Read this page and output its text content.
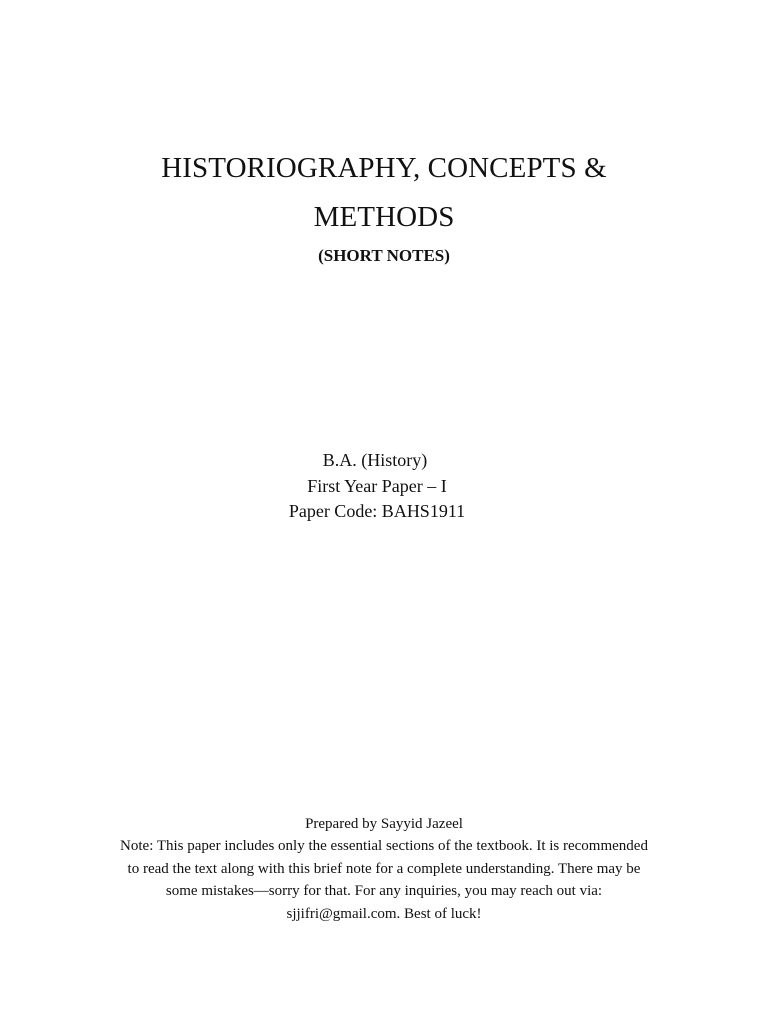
HISTORIOGRAPHY, CONCEPTS &
METHODS
(SHORT NOTES)
B.A. (History)
First Year Paper – I
Paper Code: BAHS1911
Prepared by Sayyid Jazeel
Note: This paper includes only the essential sections of the textbook. It is recommended
to read the text along with this brief note for a complete understanding. There may be
some mistakes—sorry for that. For any inquiries, you may reach out via:
sjjifri@gmail.com. Best of luck!
